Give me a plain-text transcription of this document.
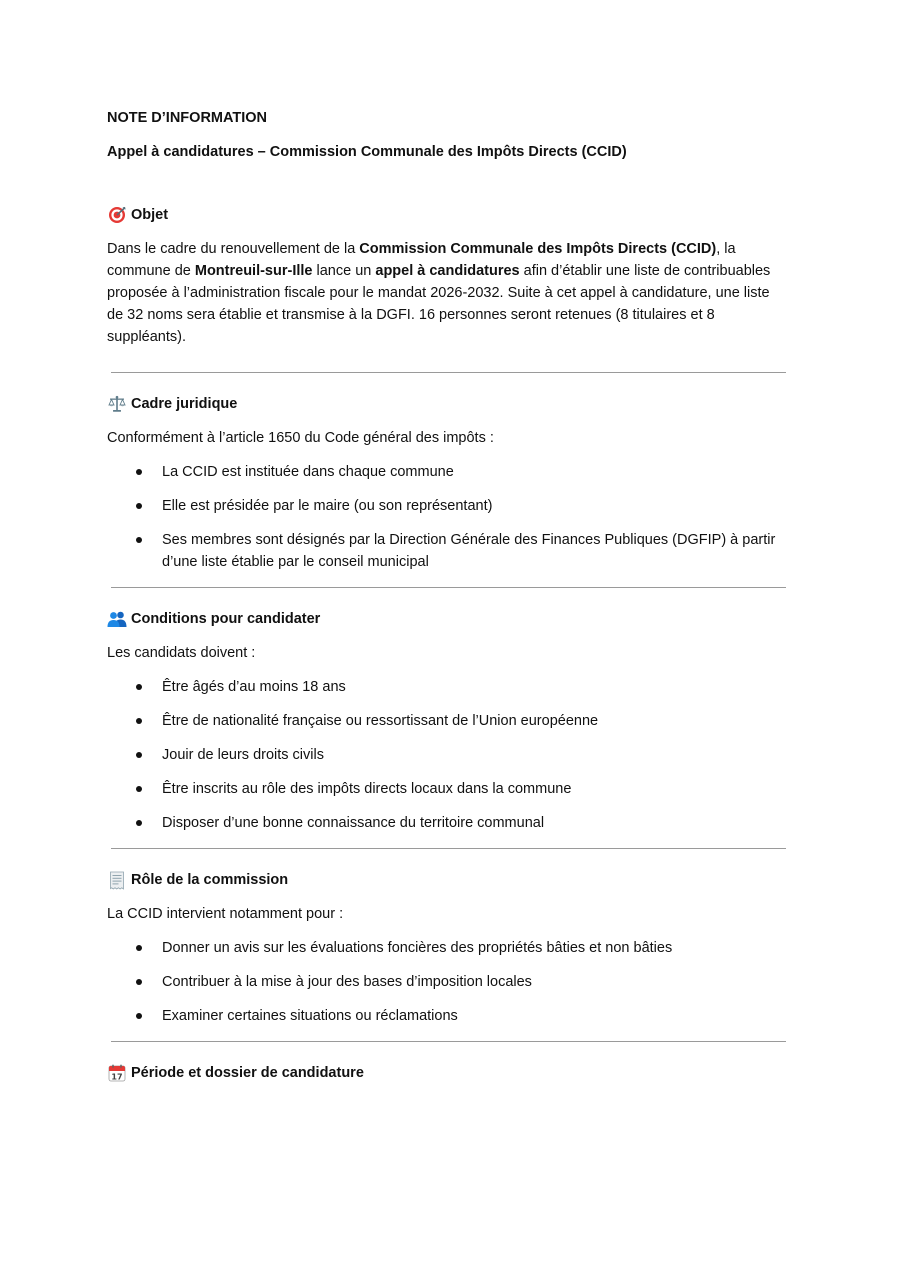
NOTE D’INFORMATION

Appel à candidatures – Commission Communale des Impôts Directs (CCID)

Objet

Dans le cadre du renouvellement de la Commission Communale des Impôts Directs (CCID), la commune de Montreuil-sur-Ille lance un appel à candidatures afin d’établir une liste de contribuables proposée à l’administration fiscale pour le mandat 2026-2032. Suite à cet appel à candidature, une liste de 32 noms sera établie et transmise à la DGFI. 16 personnes seront retenues (8 titulaires et 8 suppléants).

Cadre juridique

Conformément à l’article 1650 du Code général des impôts :

La CCID est instituée dans chaque commune
Elle est présidée par le maire (ou son représentant)
Ses membres sont désignés par la Direction Générale des Finances Publiques (DGFIP) à partir d’une liste établie par le conseil municipal
Conditions pour candidater

Les candidats doivent :

Être âgés d’au moins 18 ans
Être de nationalité française ou ressortissant de l’Union européenne
Jouir de leurs droits civils
Être inscrits au rôle des impôts directs locaux dans la commune
Disposer d’une bonne connaissance du territoire communal
Rôle de la commission

La CCID intervient notamment pour :

Donner un avis sur les évaluations foncières des propriétés bâties et non bâties
Contribuer à la mise à jour des bases d’imposition locales
Examiner certaines situations ou réclamations
17 Période et dossier de candidature
